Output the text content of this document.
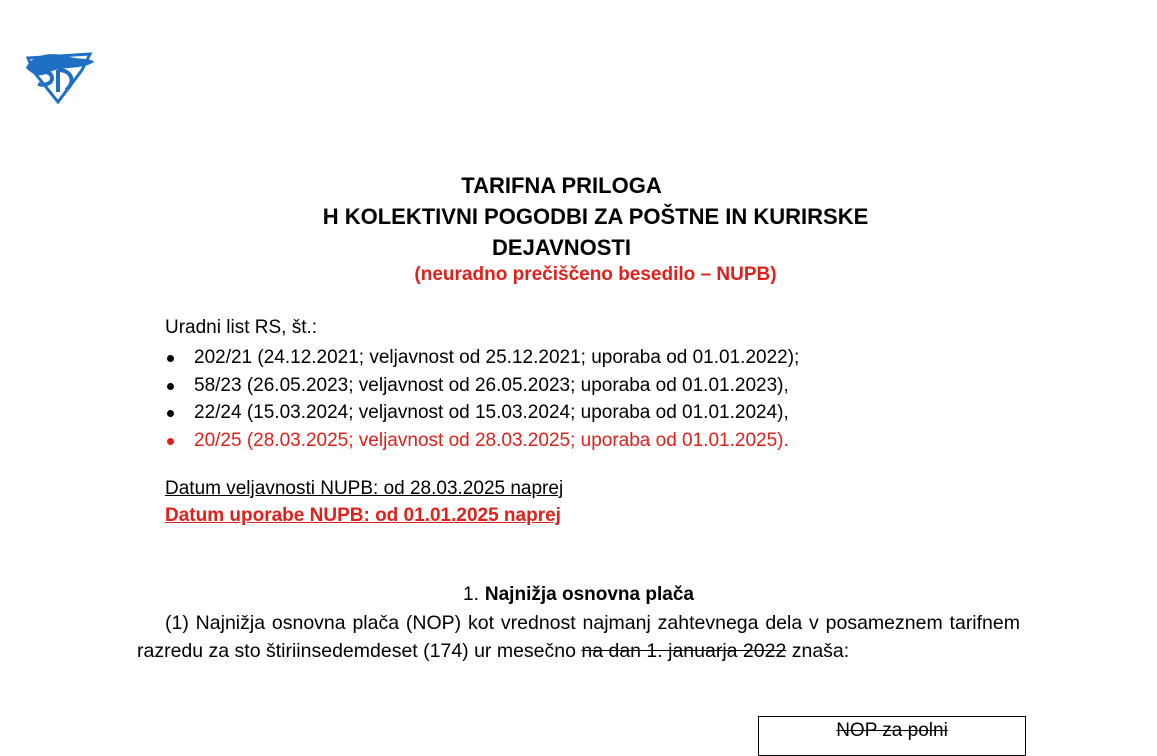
TARIFNA PRILOGA
H KOLEKTIVNI POGODBI ZA POŠTNE IN KURIRSKE
DEJAVNOSTI
(neuradno prečiščeno besedilo – NUPB)
Uradni list RS, št.:
202/21 (24.12.2021; veljavnost od 25.12.2021; uporaba od 01.01.2022);
58/23 (26.05.2023; veljavnost od 26.05.2023; uporaba od 01.01.2023),
22/24 (15.03.2024; veljavnost od 15.03.2024; uporaba od 01.01.2024),
20/25 (28.03.2025; veljavnost od 28.03.2025; uporaba od 01.01.2025).
Datum veljavnosti NUPB: od 28.03.2025 naprej
Datum uporabe NUPB: od 01.01.2025 naprej
1. Najnižja osnovna plača
(1) Najnižja osnovna plača (NOP) kot vrednost najmanj zahtevnega dela v posameznem tarifnem razredu za sto štiriinsedemdeset (174) ur mesečno na dan 1. januarja 2022 znaša:
NOP za polni
